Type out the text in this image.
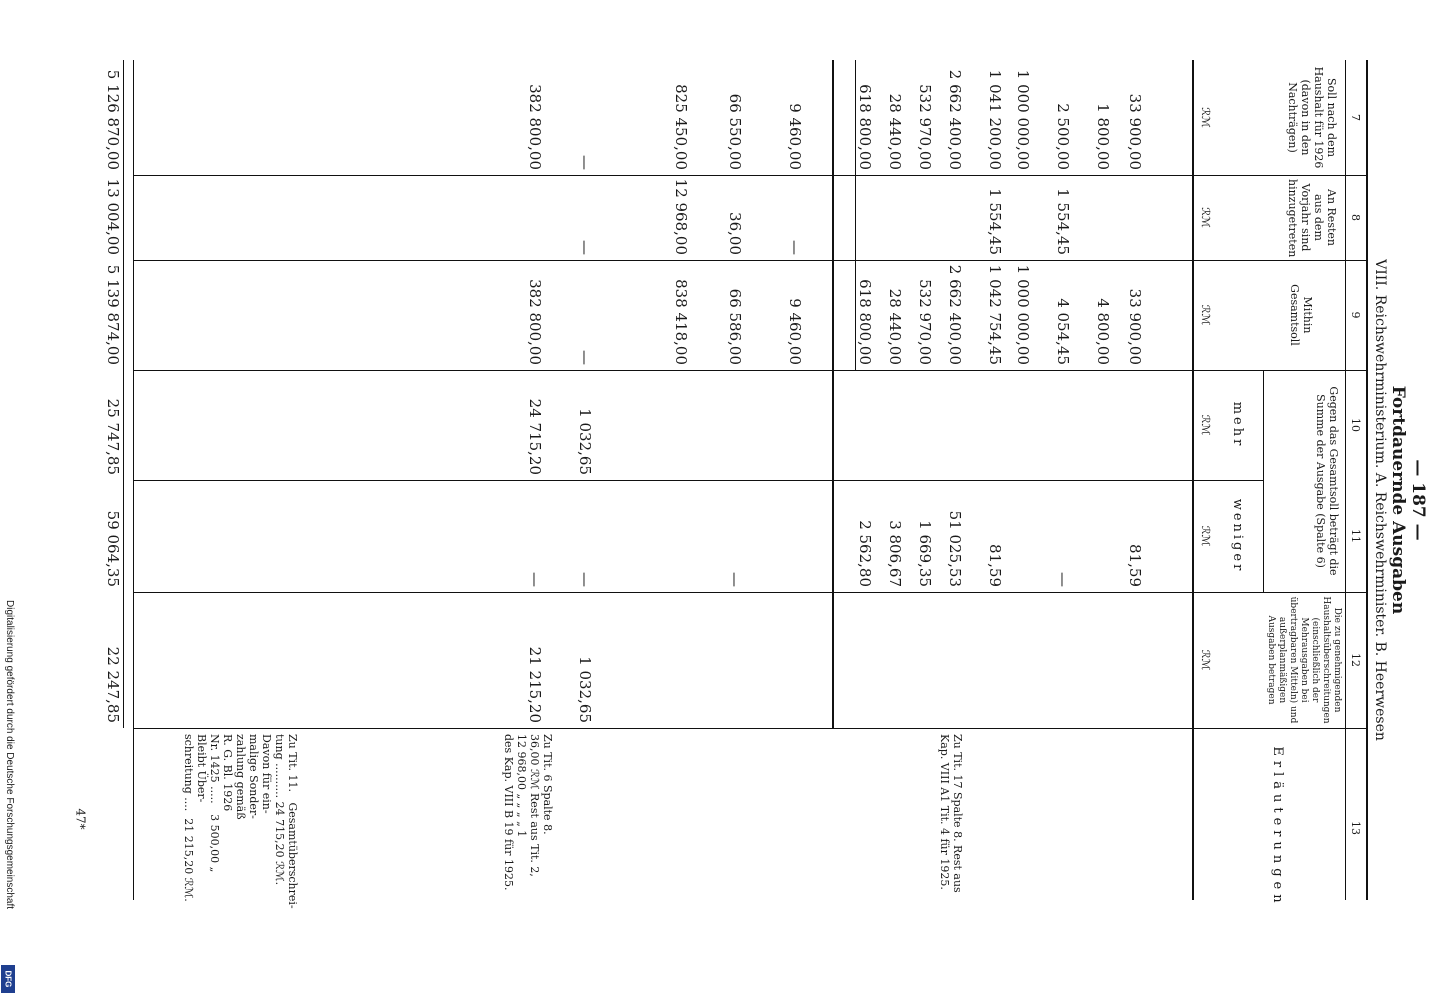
— 187 —
Fortdauernde Ausgaben
VIII. Reichswehrministerium. A. Reichswehrminister. B. Heerwesen
7
8
9
10
11
12
13
Soll nach dem Haushalt für 1926 (davon in den Nachträgen)
An Resten aus dem Vorjahr sind hinzugetreten
Mithin Gesamtsoll
Gegen das Gesamtsoll beträgt die Summe der Ausgabe (Spalte 6)
mehr
weniger
Die zu genehmigenden Haushaltsüberschreitungen (einschließlich der Mehrausgaben bei übertragbaren Mitteln) und außerplanmäßigen Ausgaben betragen
Erläuterungen
ℛℳ
ℛℳ
ℛℳ
ℛℳ
ℛℳ
ℛℳ
33 900,00
33 900,00
81,59
1 800,00
4 800,00
2 500,00
1 554,45
4 054,45
—
1 000 000,00
1 000 000,00
1 041 200,00
1 554,45
1 042 754,45
81,59
2 662 400,00
2 662 400,00
51 025,53
532 970,00
532 970,00
1 669,35
28 440,00
28 440,00
3 806,67
618 800,00
618 800,00
2 562,80
9 460,00
—
9 460,00
66 550,00
36,00
66 586,00
—
825 450,00
12 968,00
838 418,00
—
—
—
1 032,65
—
1 032,65
382 800,00
382 800,00
24 715,20
—
21 215,20
5 126 870,00
13 004,00
5 139 874,00
25 747,85
59 064,35
22 247,85
Zu Tit. 17 Spalte 8. Rest aus
Kap. VIII A1 Tit. 4 für 1925.
Zu Tit. 6 Spalte 8.
36,00 ℛℳ Rest aus Tit. 2,
12 968,00 „ „ „ „ 1
des Kap. VIII B 19 für 1925.
Zu Tit. 11.   Gesamtüberschrei-
tung .......... 24 715,20 ℛℳ.
Davon für ein-
malige Sonder-
zahlung gemäß
R. G. Bl. 1926
Nr. 1425 .....   3 500,00 „
Bleibt Über-
schreitung ....  21 215,20 ℛℳ.
Digitalisierung gefördert durch die Deutsche Forschungsgemeinschaft
DFG
47*
